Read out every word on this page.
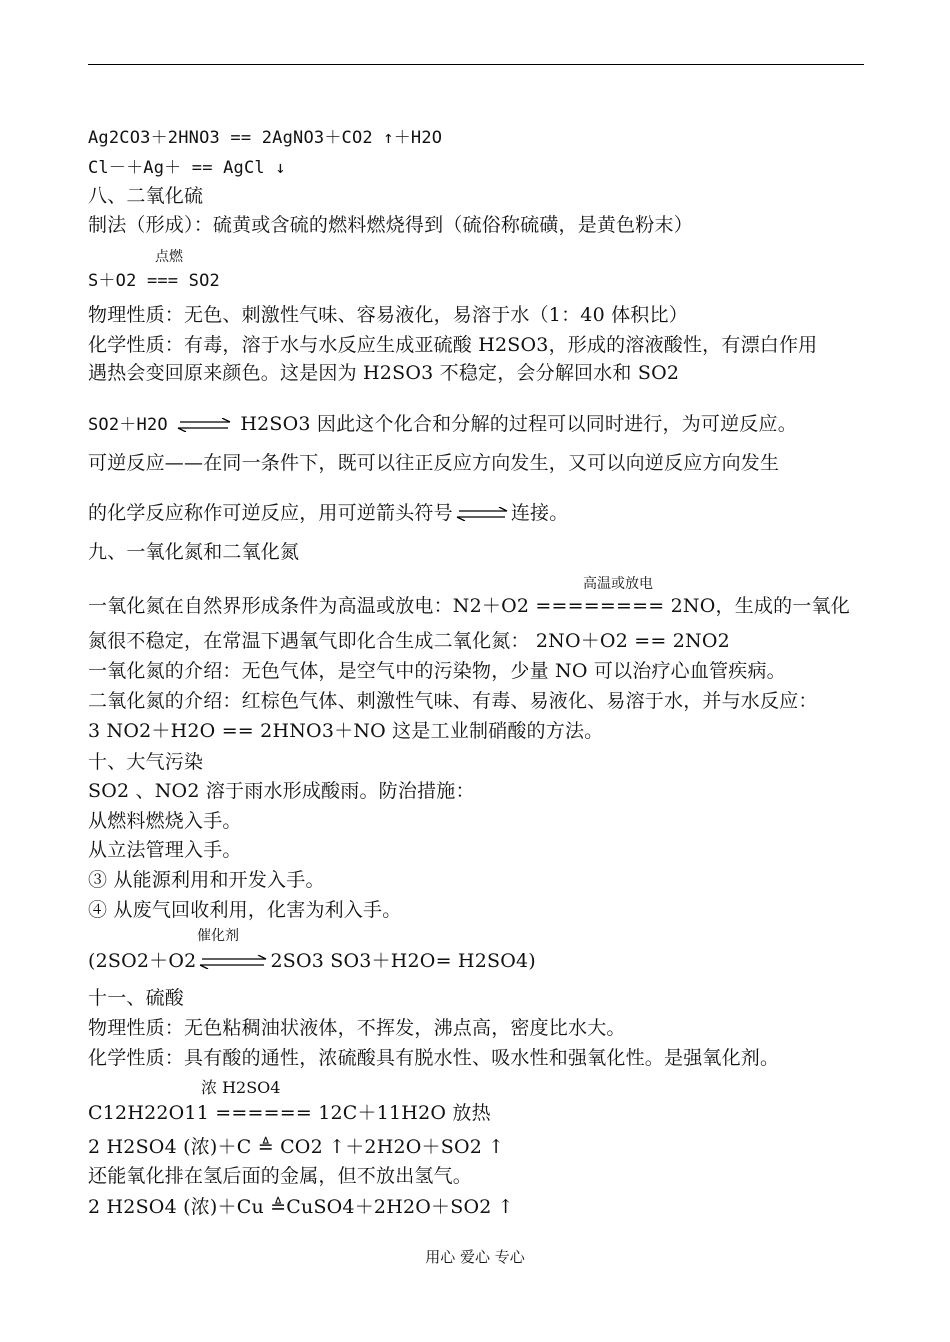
Ag2CO3＋2HNO3 == 2AgNO3＋CO2 ↑＋H2O
Cl－＋Ag＋ == AgCl ↓
八、二氧化硫
制法（形成）：硫黄或含硫的燃料燃烧得到（硫俗称硫磺，是黄色粉末）
点燃
S＋O2 === SO2
物理性质：无色、刺激性气味、容易液化，易溶于水（1：40 体积比）
化学性质：有毒，溶于水与水反应生成亚硫酸 H2SO3，形成的溶液酸性，有漂白作用
遇热会变回原来颜色。这是因为 H2SO3 不稳定，会分解回水和 SO2
SO2＋H2O ⇌ H2SO3 因此这个化合和分解的过程可以同时进行，为可逆反应。
可逆反应——在同一条件下，既可以往正反应方向发生，又可以向逆反应方向发生
的化学反应称作可逆反应，用可逆箭头符号⇌连接。
九、一氧化氮和二氧化氮
高温或放电
一氧化氮在自然界形成条件为高温或放电：N2＋O2 ======== 2NO，生成的一氧化
氮很不稳定，在常温下遇氧气即化合生成二氧化氮： 2NO＋O2 == 2NO2
一氧化氮的介绍：无色气体，是空气中的污染物，少量 NO 可以治疗心血管疾病。
二氧化氮的介绍：红棕色气体、刺激性气味、有毒、易液化、易溶于水，并与水反应：
3 NO2＋H2O == 2HNO3＋NO 这是工业制硝酸的方法。
十、大气污染
SO2 、NO2 溶于雨水形成酸雨。防治措施：
从燃料燃烧入手。
从立法管理入手。
③ 从能源利用和开发入手。
④ 从废气回收利用，化害为利入手。
催化剂
(2SO2＋O2⇌2SO3 SO3＋H2O= H2SO4)
十一、硫酸
物理性质：无色粘稠油状液体，不挥发，沸点高，密度比水大。
化学性质：具有酸的通性，浓硫酸具有脱水性、吸水性和强氧化性。是强氧化剂。
浓 H2SO4
C12H22O11 ====== 12C＋11H2O 放热
2 H2SO4 (浓)＋C ≜ CO2 ↑＋2H2O＋SO2 ↑
还能氧化排在氢后面的金属，但不放出氢气。
2 H2SO4 (浓)＋Cu ≜CuSO4＋2H2O＋SO2 ↑
用心 爱心 专心
